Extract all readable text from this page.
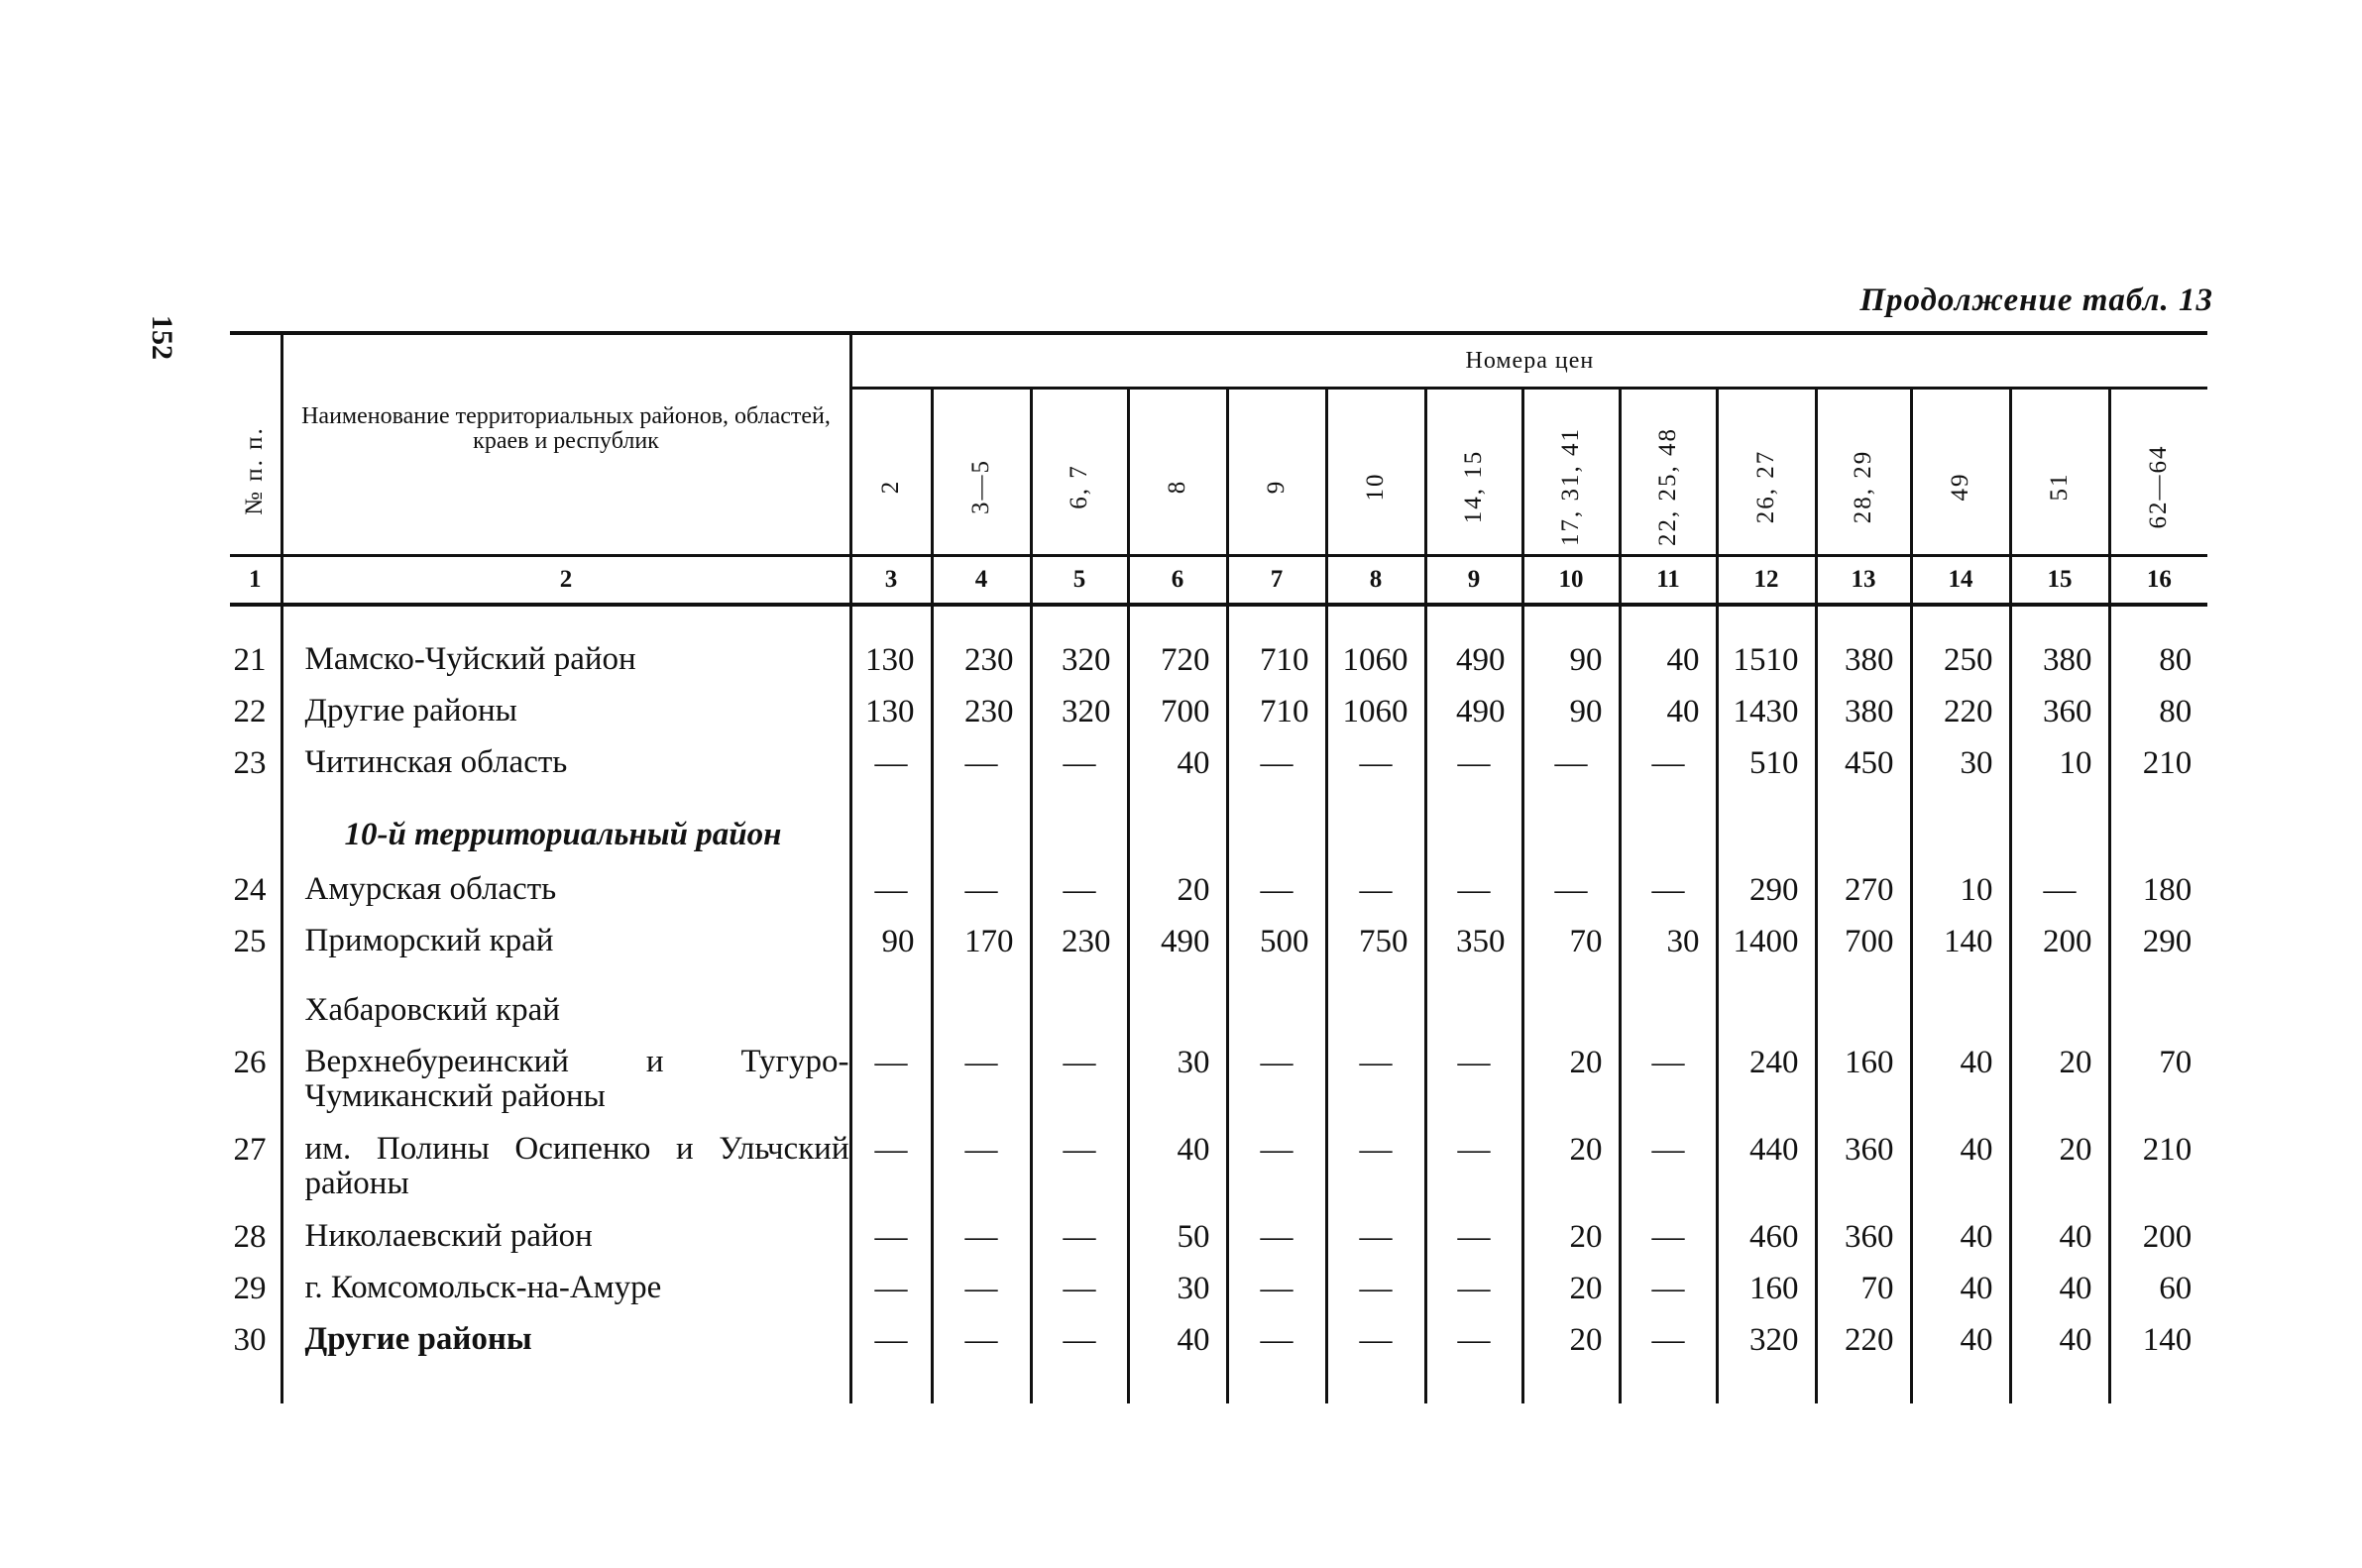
152
Продолжение табл. 13
№ п. п.	Наименование территориальных районов, областей, краев и республик	Номера цен													

		2	3—5	6, 7	8	9	10	14, 15	17, 31, 41	22, 25, 48	26, 27	28, 29	49	51	62—64

1	2	3	4	5	6	7	8	9	10	11	12	13	14	15	16

21	Мамско-Чуйский район	130	230	320	720	710	1060	490	90	40	1510	380	250	380	80
22	Другие районы	130	230	320	700	710	1060	490	90	40	1430	380	220	360	80
23	Читинская область	—	—	—	40	—	—	—	—	—	510	450	30	10	210
	10-й территориальный район														
24	Амурская область	—	—	—	20	—	—	—	—	—	290	270	10	—	180
25	Приморский край	90	170	230	490	500	750	350	70	30	1400	700	140	200	290
	Хабаровский край														
26	Верхнебуреинский и Тугуро-Чумиканский районы	—	—	—	30	—	—	—	20	—	240	160	40	20	70
27	им. Полины Осипенко и Ульчский районы	—	—	—	40	—	—	—	20	—	440	360	40	20	210
28	Николаевский район	—	—	—	50	—	—	—	20	—	460	360	40	40	200
29	г. Комсомольск-на-Амуре	—	—	—	30	—	—	—	20	—	160	70	40	40	60
30	Другие районы	—	—	—	40	—	—	—	20	—	320	220	40	40	140
